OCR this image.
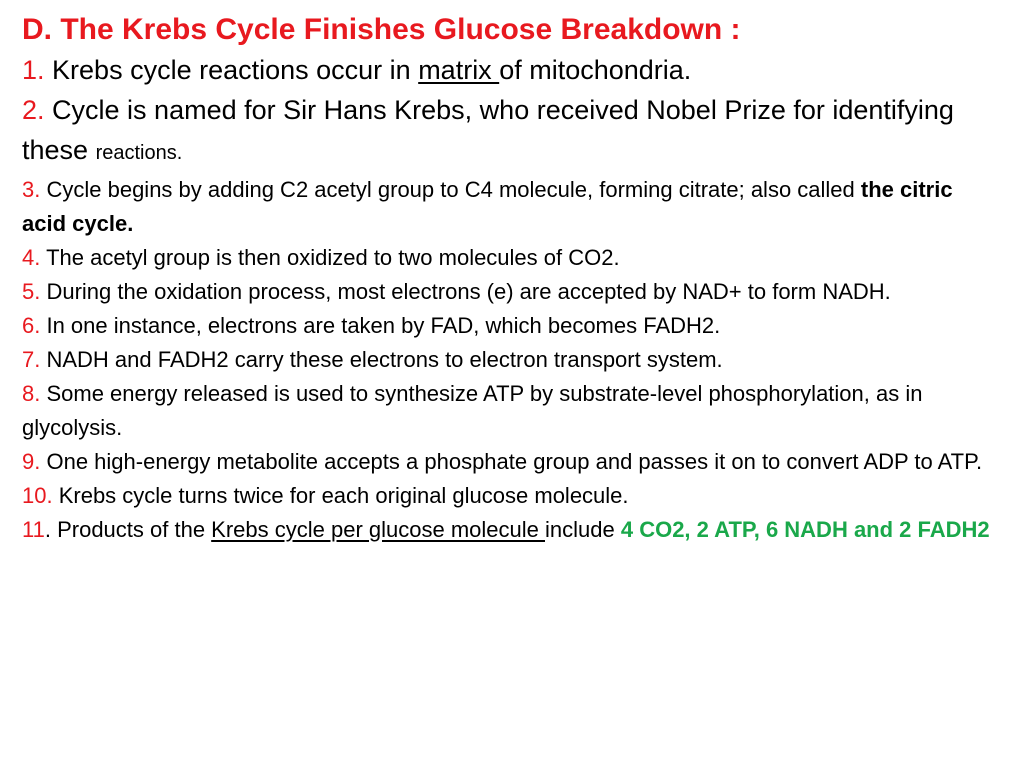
D. The Krebs Cycle Finishes Glucose Breakdown :

1. Krebs cycle reactions occur in matrix of mitochondria.

2. Cycle is named for Sir Hans Krebs, who received Nobel Prize for identifying these reactions.

3. Cycle begins by adding C2 acetyl group to C4 molecule, forming citrate; also called the citric acid cycle.

4. The acetyl group is then oxidized to two molecules of CO2.

5. During the oxidation process, most electrons (e) are accepted by NAD+ to form NADH.

6. In one instance, electrons are taken by FAD, which becomes FADH2.

7. NADH and FADH2 carry these electrons to electron transport system.

8. Some energy released is used to synthesize ATP by substrate-level phosphorylation, as in glycolysis.

9. One high-energy metabolite accepts a phosphate group and passes it on to convert ADP to ATP.

10. Krebs cycle turns twice for each original glucose molecule.

11. Products of the Krebs cycle per glucose molecule include 4 CO2, 2 ATP, 6 NADH and 2 FADH2
